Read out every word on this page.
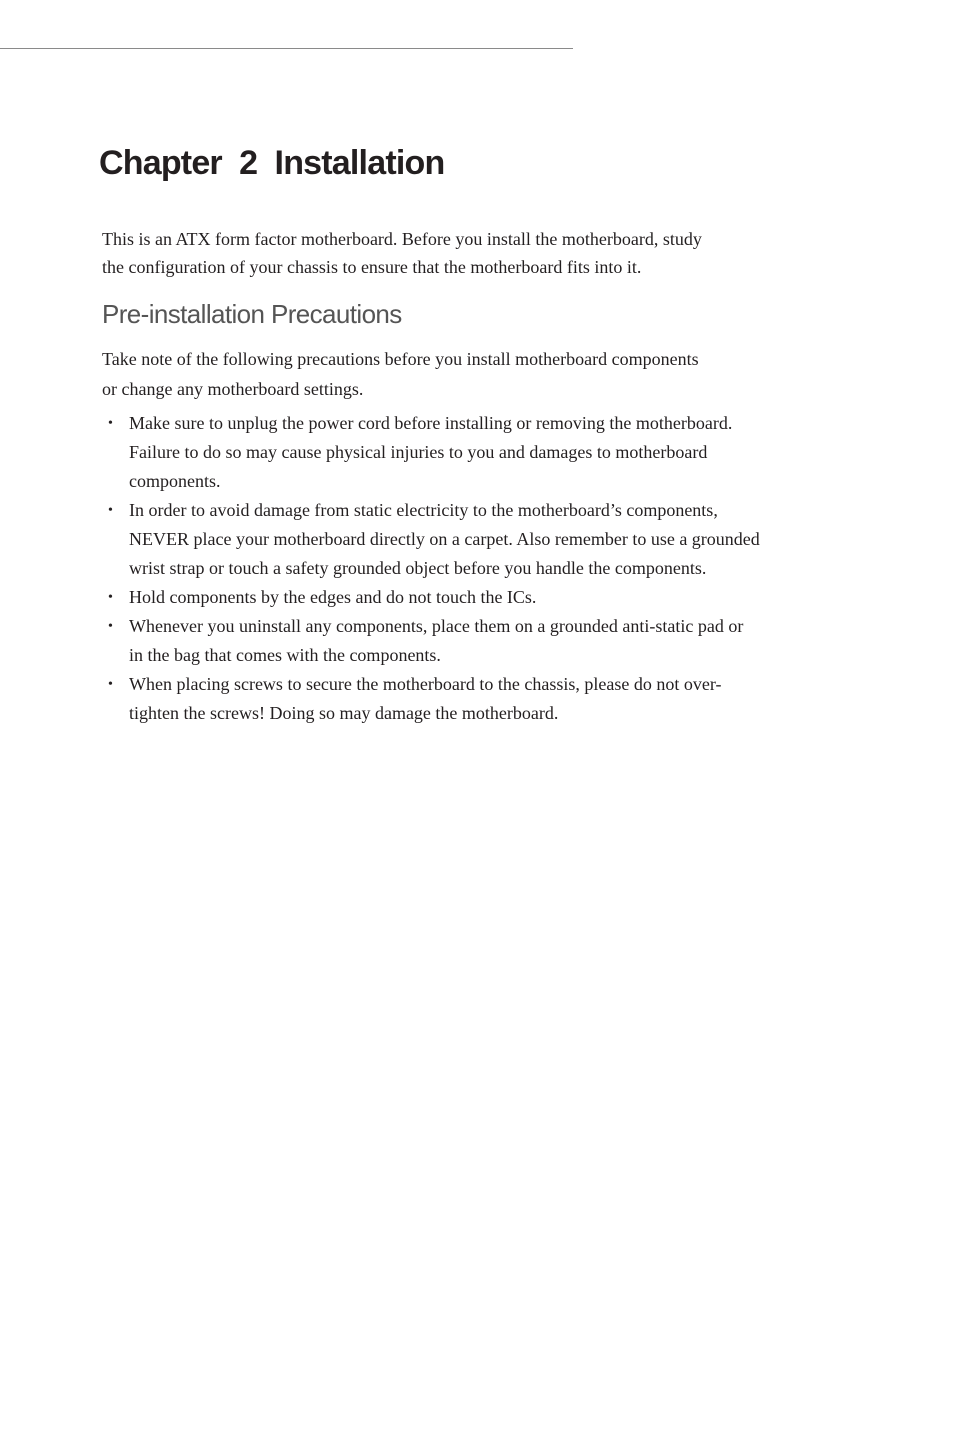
Chapter  2  Installation

This is an ATX form factor motherboard. Before you install the motherboard, study
the configuration of your chassis to ensure that the motherboard fits into it.

Pre-installation Precautions

Take note of the following precautions before you install motherboard components
or change any motherboard settings.

• Make sure to unplug the power cord before installing or removing the motherboard.
Failure to do so may cause physical injuries to you and damages to motherboard
components.
• In order to avoid damage from static electricity to the motherboard’s components,
NEVER place your motherboard directly on a carpet. Also remember to use a grounded
wrist strap or touch a safety grounded object before you handle the components.
• Hold components by the edges and do not touch the ICs.
• Whenever you uninstall any components, place them on a grounded anti-static pad or
in the bag that comes with the components.
• When placing screws to secure the motherboard to the chassis, please do not over-
tighten the screws! Doing so may damage the motherboard.
